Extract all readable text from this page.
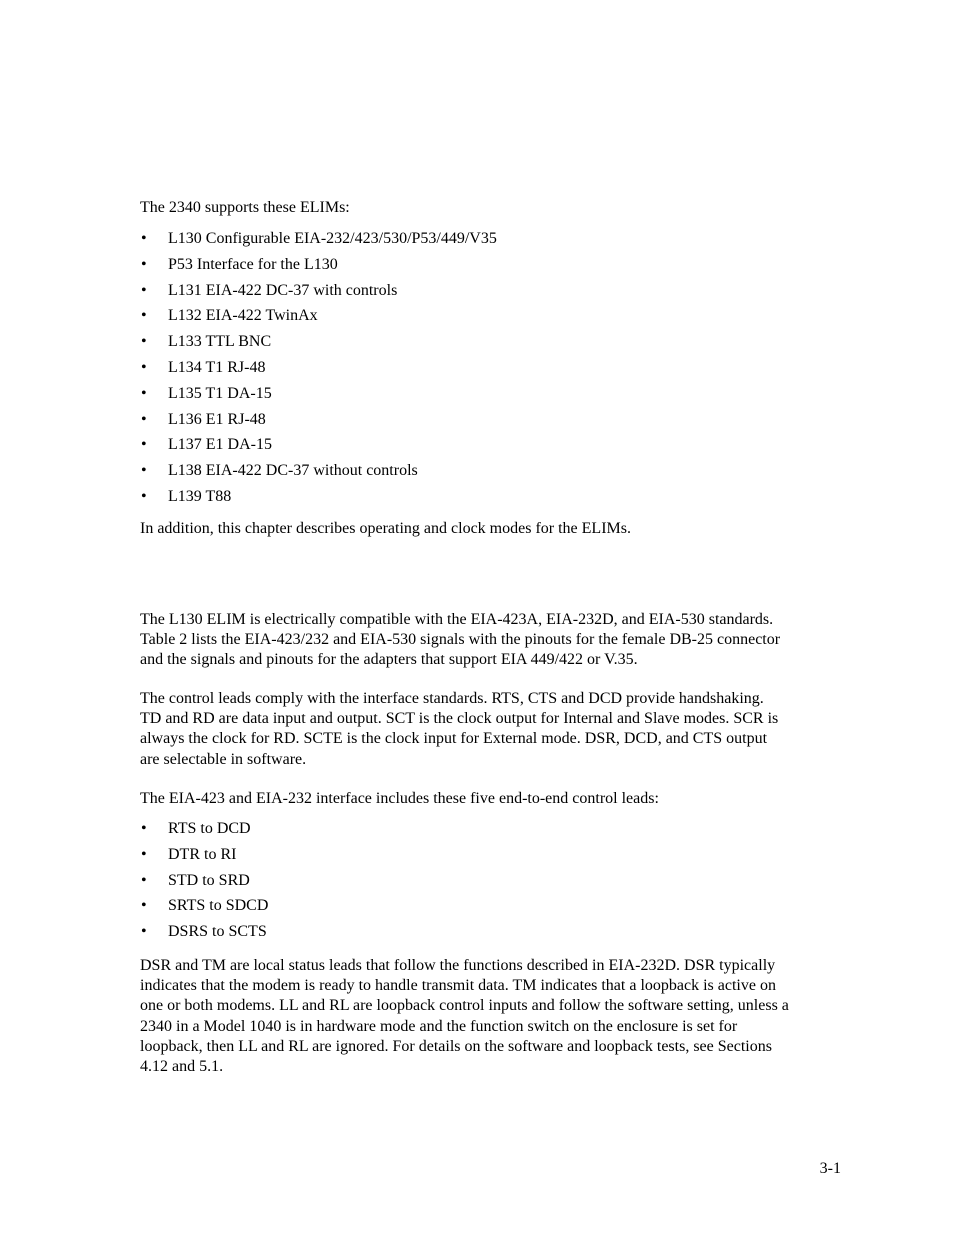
The 2340 supports these ELIMs:

•	L130 Configurable EIA-232/423/530/P53/449/V35
•	P53 Interface for the L130
•	L131 EIA-422 DC-37 with controls
•	L132 EIA-422 TwinAx
•	L133 TTL BNC
•	L134 T1 RJ-48
•	L135 T1 DA-15
•	L136 E1 RJ-48
•	L137 E1 DA-15
•	L138 EIA-422 DC-37 without controls
•	L139 T88

In addition, this chapter describes operating and clock modes for the ELIMs.

The L130 ELIM is electrically compatible with the EIA-423A, EIA-232D, and EIA-530 standards.
Table 2 lists the EIA-423/232 and EIA-530 signals with the pinouts for the female DB-25 connector
and the signals and pinouts for the adapters that support EIA 449/422 or V.35.

The control leads comply with the interface standards. RTS, CTS and DCD provide handshaking.
TD and RD are data input and output. SCT is the clock output for Internal and Slave modes. SCR is
always the clock for RD. SCTE is the clock input for External mode. DSR, DCD, and CTS output
are selectable in software.

The EIA-423 and EIA-232 interface includes these five end-to-end control leads:

•	RTS to DCD
•	DTR to RI
•	STD to SRD
•	SRTS to SDCD
•	DSRS to SCTS

DSR and TM are local status leads that follow the functions described in EIA-232D. DSR typically
indicates that the modem is ready to handle transmit data. TM indicates that a loopback is active on
one or both modems. LL and RL are loopback control inputs and follow the software setting, unless a
2340 in a Model 1040 is in hardware mode and the function switch on the enclosure is set for
loopback, then LL and RL are ignored. For details on the software and loopback tests, see Sections
4.12 and 5.1.

3-1
